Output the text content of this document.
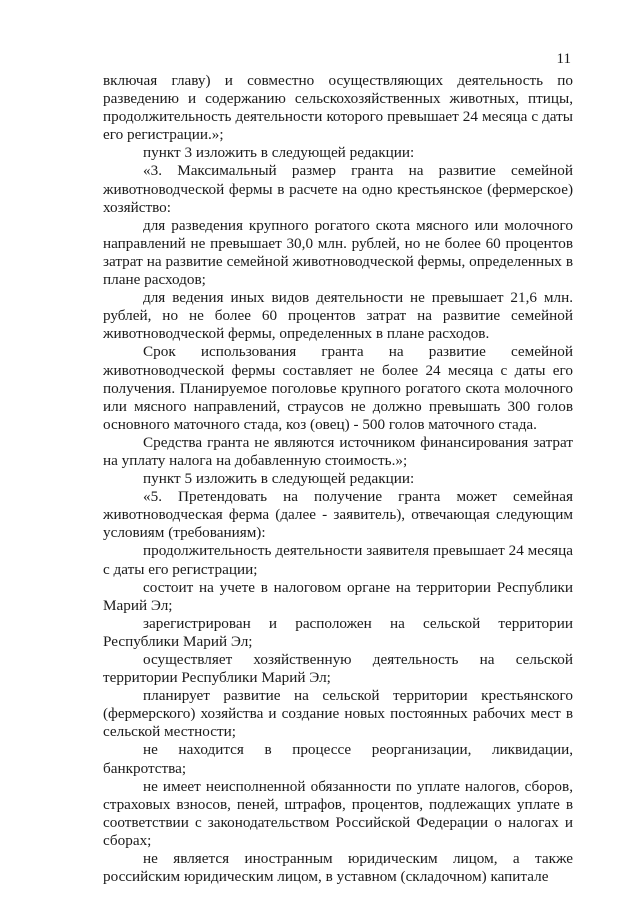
11

включая главу) и совместно осуществляющих деятельность по разведению и содержанию сельскохозяйственных животных, птицы, продолжительность деятельности которого превышает 24 месяца с даты его регистрации.»;

пункт 3 изложить в следующей редакции:

«3. Максимальный размер гранта на развитие семейной животноводческой фермы в расчете на одно крестьянское (фермерское) хозяйство:

для разведения крупного рогатого скота мясного или молочного направлений не превышает 30,0 млн. рублей, но не более 60 процентов затрат на развитие семейной животноводческой фермы, определенных в плане расходов;

для ведения иных видов деятельности не превышает 21,6 млн. рублей, но не более 60 процентов затрат на развитие семейной животноводческой фермы, определенных в плане расходов.

Срок использования гранта на развитие семейной животноводческой фермы составляет не более 24 месяца с даты его получения. Планируемое поголовье крупного рогатого скота молочного или мясного направлений, страусов не должно превышать 300 голов основного маточного стада, коз (овец) - 500 голов маточного стада.

Средства гранта не являются источником финансирования затрат на уплату налога на добавленную стоимость.»;

пункт 5 изложить в следующей редакции:

«5. Претендовать на получение гранта может семейная животноводческая ферма (далее - заявитель), отвечающая следующим условиям (требованиям):

продолжительность деятельности заявителя превышает 24 месяца с даты его регистрации;

состоит на учете в налоговом органе на территории Республики Марий Эл;

зарегистрирован и расположен на сельской территории Республики Марий Эл;

осуществляет хозяйственную деятельность на сельской территории Республики Марий Эл;

планирует развитие на сельской территории крестьянского (фермерского) хозяйства и создание новых постоянных рабочих мест в сельской местности;

не находится в процессе реорганизации, ликвидации, банкротства;

не имеет неисполненной обязанности по уплате налогов, сборов, страховых взносов, пеней, штрафов, процентов, подлежащих уплате в соответствии с законодательством Российской Федерации о налогах и сборах;

не является иностранным юридическим лицом, а также российским юридическим лицом, в уставном (складочном) капитале
